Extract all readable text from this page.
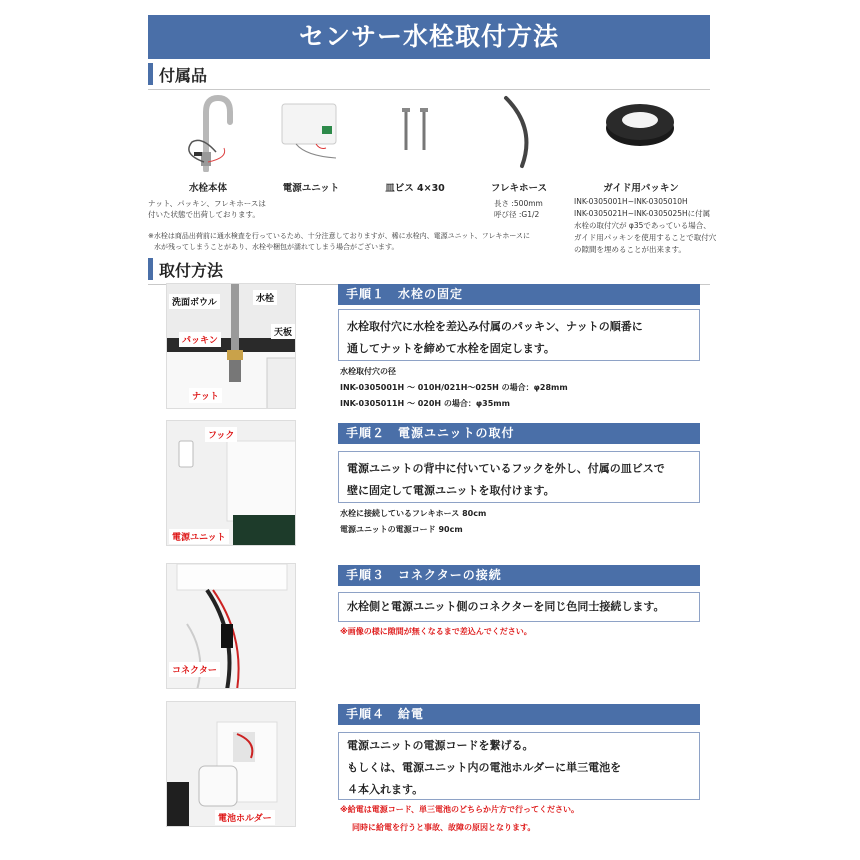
センサー水栓取付方法
付属品
水栓本体	電源ユニット	皿ビス 4×30	フレキホース	ガイド用パッキン
ナット、パッキン、フレキホースは
付いた状態で出荷しております。
長さ :500mm
呼び径 :G1/2
INK-0305001H~INK-0305010H
INK-0305021H~INK-0305025Hに付属
水栓の取付穴が φ35であっている場合、
ガイド用パッキンを使用することで取付穴
の隙間を埋めることが出来ます。
※水栓は商品出荷前に通水検査を行っているため、十分注意しておりますが、稀に水栓内、電源ユニット、フレキホースに
水が残ってしまうことがあり、水栓や梱包が濡れてしまう場合がございます。
取付方法
洗面ボウル	水栓
天板
パッキン
ナット
手順１　水栓の固定
水栓取付穴に水栓を差込み付属のパッキン、ナットの順番に
通してナットを締めて水栓を固定します。
水栓取付穴の径
INK-0305001H 〜 010H/021H〜025H の場合：φ28mm
INK-0305011H 〜 020H の場合：φ35mm
フック
電源ユニット
手順２　電源ユニットの取付
電源ユニットの背中に付いているフックを外し、付属の皿ビスで
壁に固定して電源ユニットを取付けます。
水栓に接続しているフレキホース 80cm
電源ユニットの電源コード 90cm
コネクター
手順３　コネクターの接続
水栓側と電源ユニット側のコネクターを同じ色同士接続します。
※画像の様に隙間が無くなるまで差込んでください。
電池ホルダー
手順４　給電
電源ユニットの電源コードを繋げる。
もしくは、電源ユニット内の電池ホルダーに単三電池を
４本入れます。
※給電は電源コード、単三電池のどちらか片方で行ってください。
同時に給電を行うと事故、故障の原因となります。
